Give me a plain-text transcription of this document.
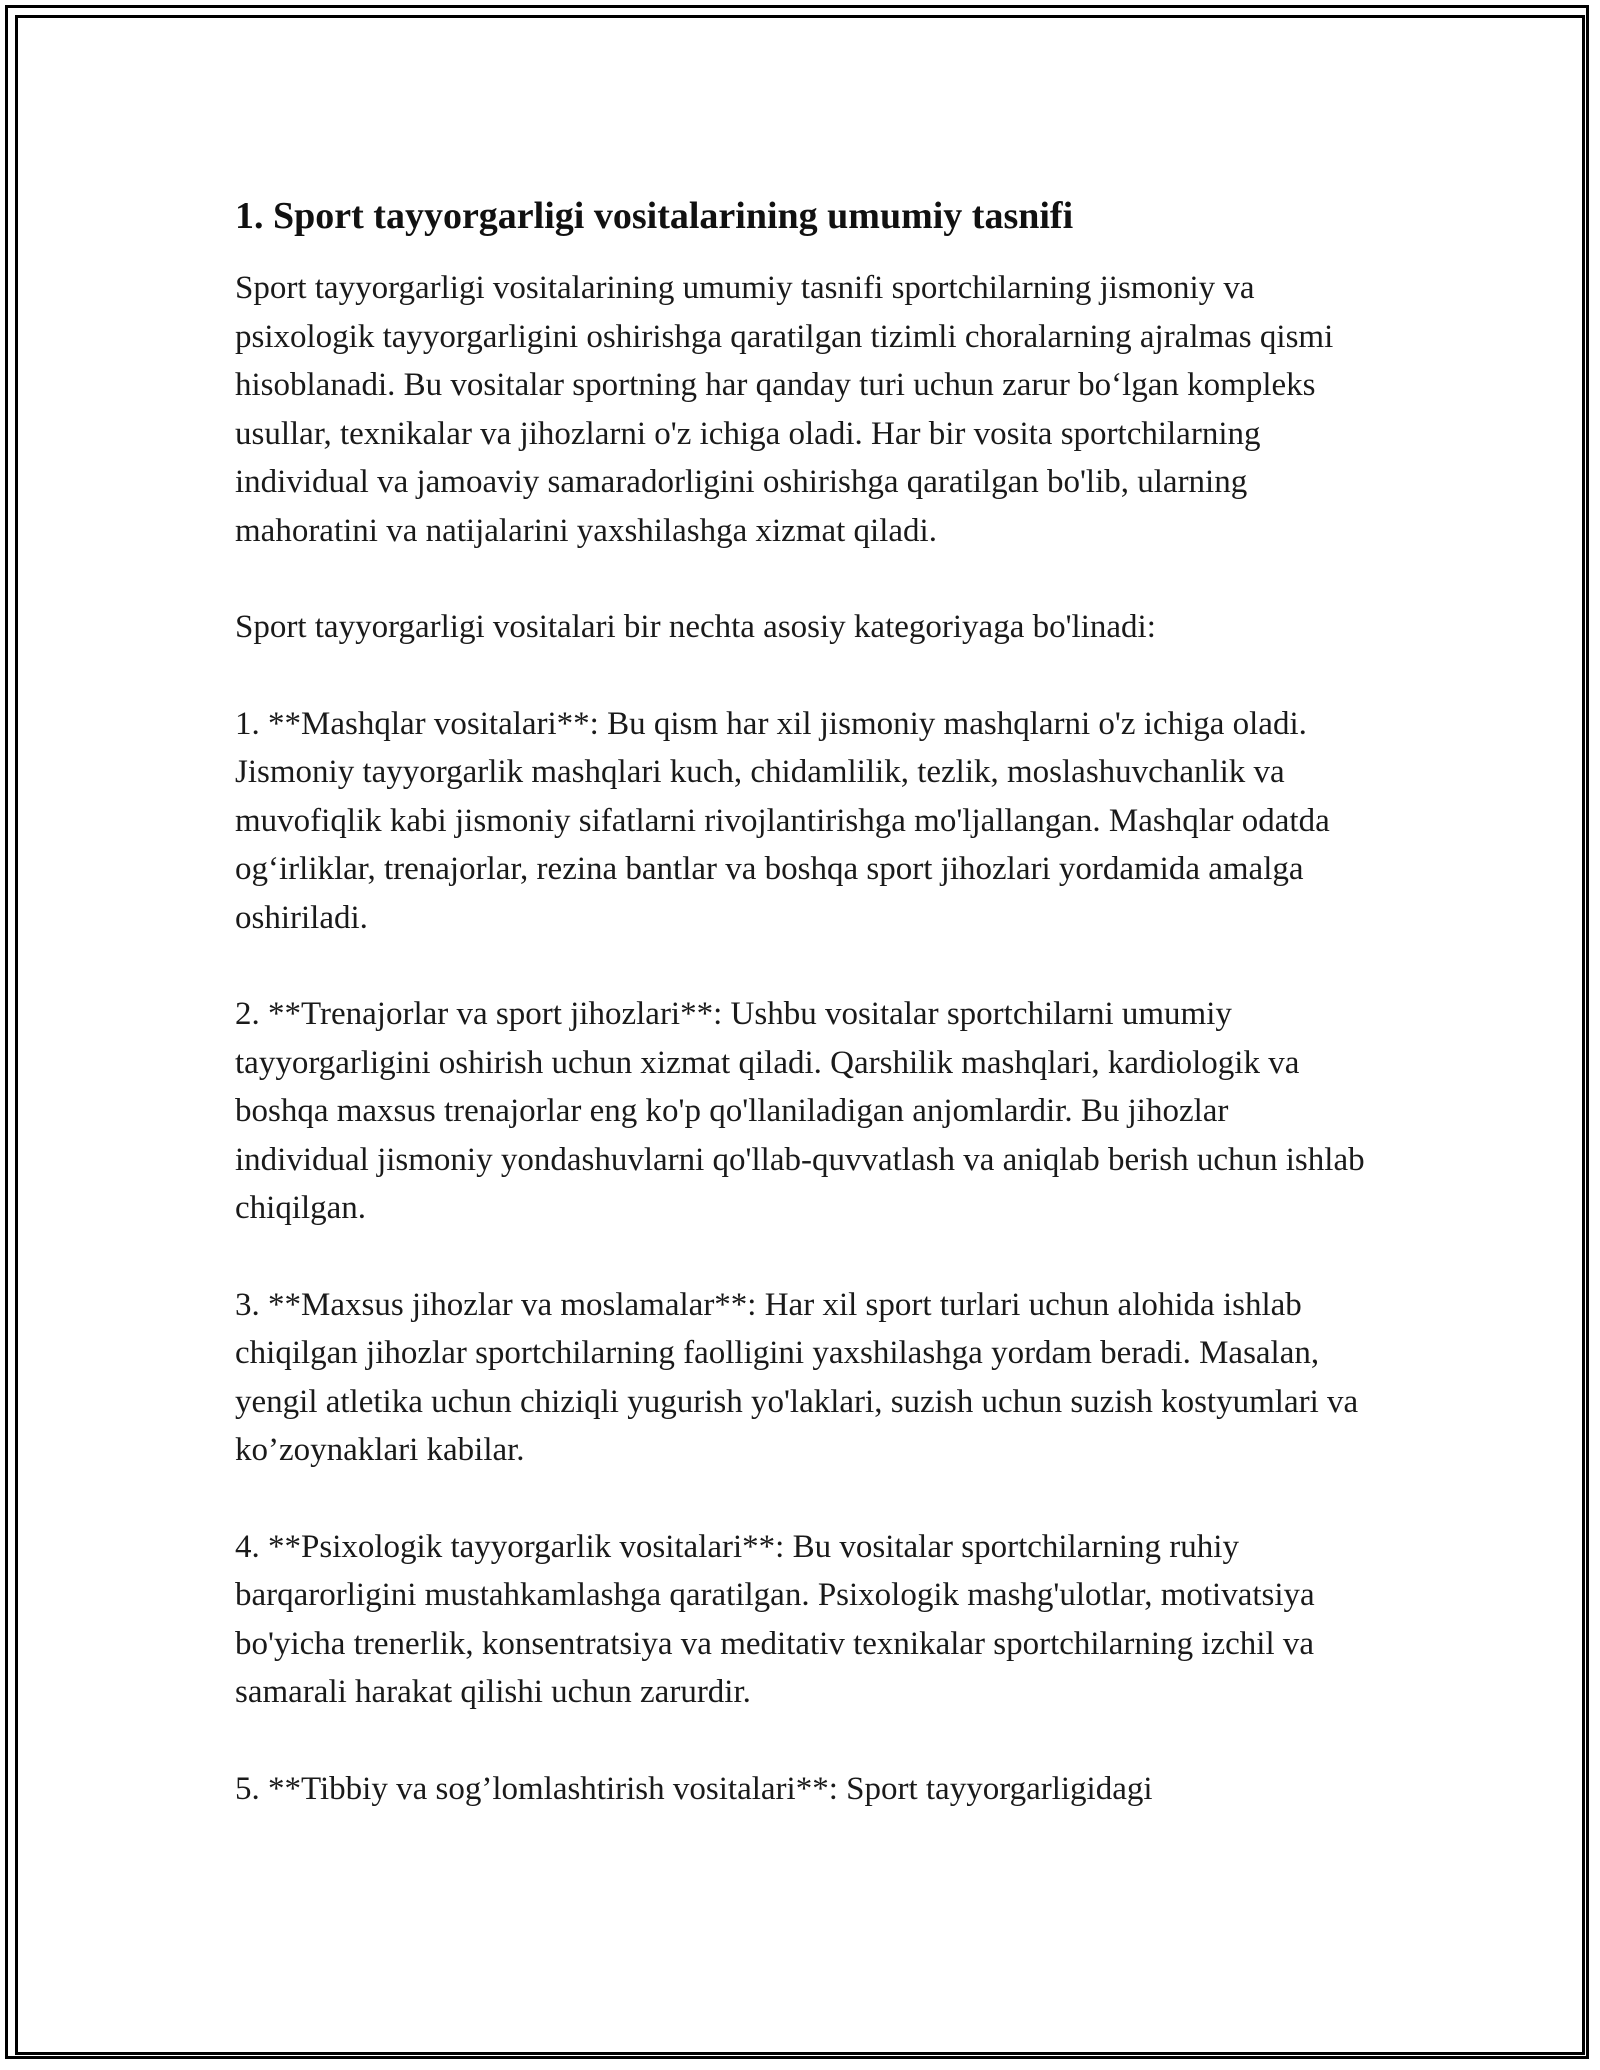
1. Sport tayyorgarligi vositalarining umumiy tasnifi

Sport tayyorgarligi vositalarining umumiy tasnifi sportchilarning jismoniy va psixologik tayyorgarligini oshirishga qaratilgan tizimli choralarning ajralmas qismi hisoblanadi. Bu vositalar sportning har qanday turi uchun zarur bo‘lgan kompleks usullar, texnikalar va jihozlarni o'z ichiga oladi. Har bir vosita sportchilarning individual va jamoaviy samaradorligini oshirishga qaratilgan bo'lib, ularning mahoratini va natijalarini yaxshilashga xizmat qiladi.

Sport tayyorgarligi vositalari bir nechta asosiy kategoriyaga bo'linadi:

1. **Mashqlar vositalari**: Bu qism har xil jismoniy mashqlarni o'z ichiga oladi. Jismoniy tayyorgarlik mashqlari kuch, chidamlilik, tezlik, moslashuvchanlik va muvofiqlik kabi jismoniy sifatlarni rivojlantirishga mo'ljallangan. Mashqlar odatda og‘irliklar, trenajorlar, rezina bantlar va boshqa sport jihozlari yordamida amalga oshiriladi.

2. **Trenajorlar va sport jihozlari**: Ushbu vositalar sportchilarni umumiy tayyorgarligini oshirish uchun xizmat qiladi. Qarshilik mashqlari, kardiologik va boshqa maxsus trenajorlar eng ko'p qo'llaniladigan anjomlardir. Bu jihozlar individual jismoniy yondashuvlarni qo'llab-quvvatlash va aniqlab berish uchun ishlab chiqilgan.

3. **Maxsus jihozlar va moslamalar**: Har xil sport turlari uchun alohida ishlab chiqilgan jihozlar sportchilarning faolligini yaxshilashga yordam beradi. Masalan, yengil atletika uchun chiziqli yugurish yo'laklari, suzish uchun suzish kostyumlari va ko’zoynaklari kabilar.

4. **Psixologik tayyorgarlik vositalari**: Bu vositalar sportchilarning ruhiy barqarorligini mustahkamlashga qaratilgan. Psixologik mashg'ulotlar, motivatsiya bo'yicha trenerlik, konsentratsiya va meditativ texnikalar sportchilarning izchil va samarali harakat qilishi uchun zarurdir.

5. **Tibbiy va sog’lomlashtirish vositalari**: Sport tayyorgarligidagi
